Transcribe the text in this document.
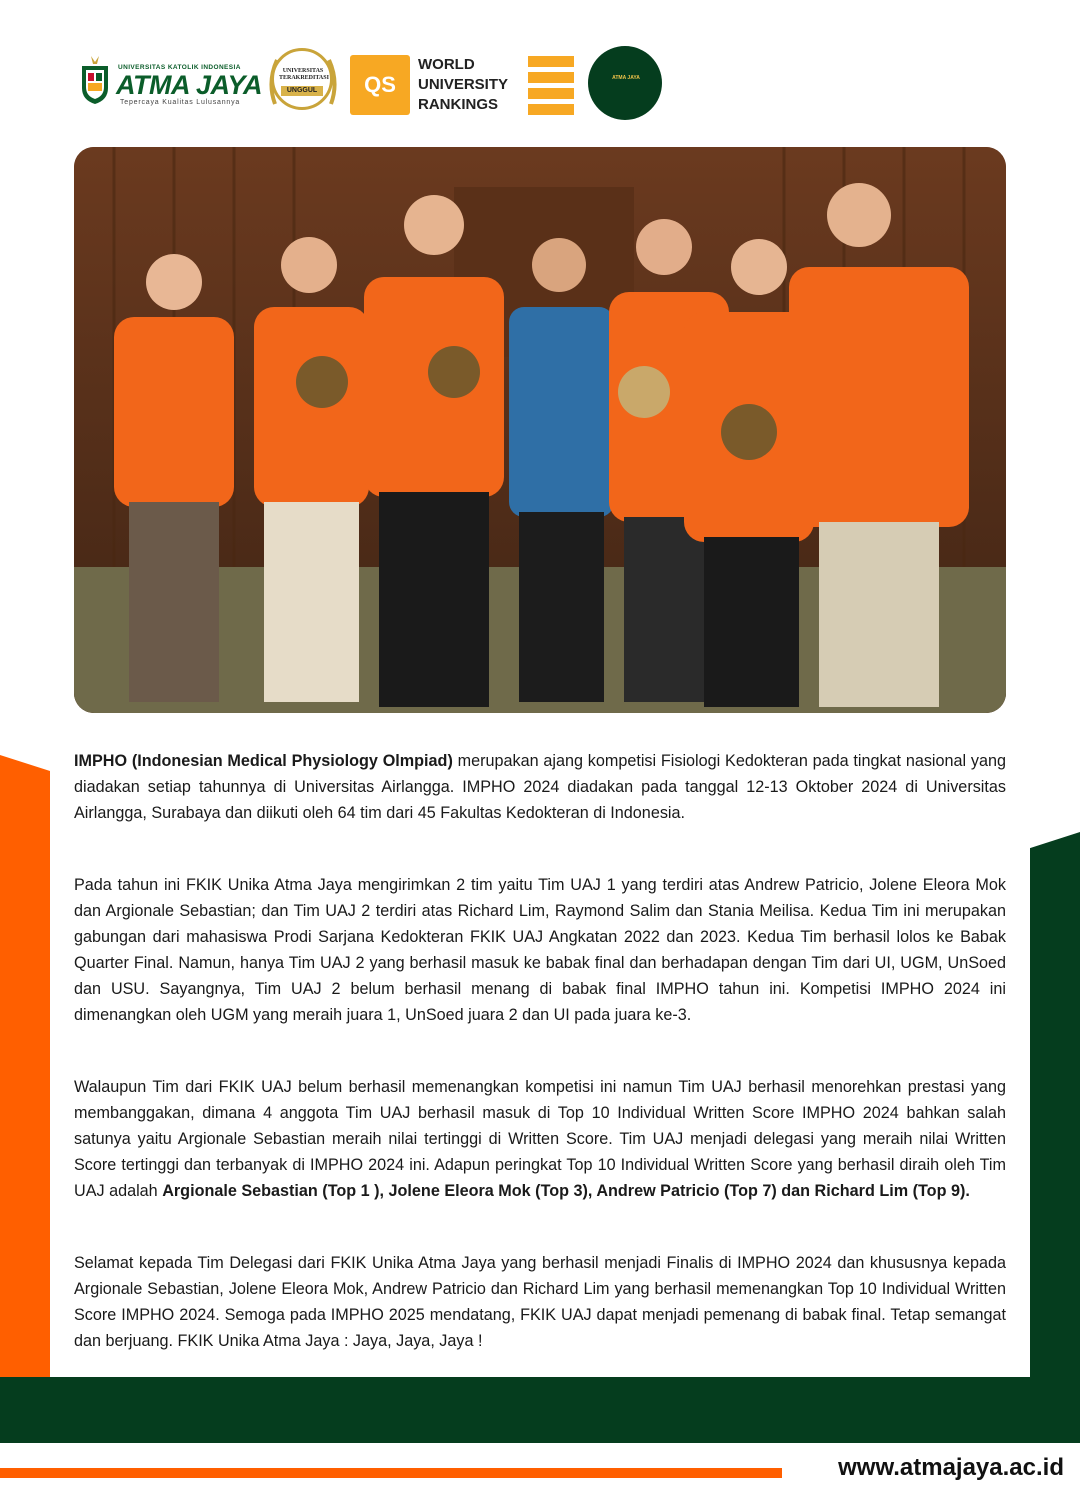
UNIVERSITAS KATOLIK INDONESIA
ATMA JAYA
Tepercaya Kualitas Lulusannya
UNIVERSITAS TERAKREDITASI
UNGGUL	QS
WORLD
UNIVERSITY
RANKINGS
ATMA JAYA

IMPHO (Indonesian Medical Physiology Olmpiad) merupakan ajang kompetisi Fisiologi Kedokteran pada tingkat nasional yang diadakan setiap tahunnya di Universitas Airlangga. IMPHO 2024 diadakan pada tanggal 12-13 Oktober 2024 di Universitas Airlangga, Surabaya dan diikuti oleh 64 tim dari 45 Fakultas Kedokteran di Indonesia.

Pada tahun ini FKIK Unika Atma Jaya mengirimkan 2 tim yaitu Tim UAJ 1 yang terdiri atas Andrew Patricio, Jolene Eleora Mok dan Argionale Sebastian; dan Tim UAJ 2 terdiri atas Richard Lim, Raymond Salim dan Stania Meilisa. Kedua Tim ini merupakan gabungan dari mahasiswa Prodi Sarjana Kedokteran FKIK UAJ Angkatan 2022 dan 2023. Kedua Tim berhasil lolos ke Babak Quarter Final. Namun, hanya Tim UAJ 2 yang berhasil masuk ke babak final dan berhadapan dengan Tim dari UI, UGM, UnSoed dan USU. Sayangnya, Tim UAJ 2 belum berhasil menang di babak final IMPHO tahun ini. Kompetisi IMPHO 2024 ini dimenangkan oleh UGM yang meraih juara 1, UnSoed juara 2 dan UI pada juara ke-3.

Walaupun Tim dari FKIK UAJ belum berhasil memenangkan kompetisi ini namun Tim UAJ berhasil menorehkan prestasi yang membanggakan, dimana 4 anggota Tim UAJ berhasil masuk di Top 10 Individual Written Score IMPHO 2024 bahkan salah satunya yaitu Argionale Sebastian meraih nilai tertinggi di Written Score. Tim UAJ menjadi delegasi yang meraih nilai Written Score tertinggi dan terbanyak di IMPHO 2024 ini. Adapun peringkat Top 10 Individual Written Score yang berhasil diraih oleh Tim UAJ adalah Argionale Sebastian (Top 1 ), Jolene Eleora Mok (Top 3), Andrew Patricio (Top 7) dan Richard Lim (Top 9).

Selamat kepada Tim Delegasi dari FKIK Unika Atma Jaya yang berhasil menjadi Finalis di IMPHO 2024 dan khususnya kepada Argionale Sebastian, Jolene Eleora Mok, Andrew Patricio dan Richard Lim yang berhasil memenangkan Top 10 Individual Written Score IMPHO 2024. Semoga pada IMPHO 2025 mendatang, FKIK UAJ dapat menjadi pemenang di babak final. Tetap semangat dan berjuang. FKIK Unika Atma Jaya : Jaya, Jaya, Jaya !

www.atmajaya.ac.id
